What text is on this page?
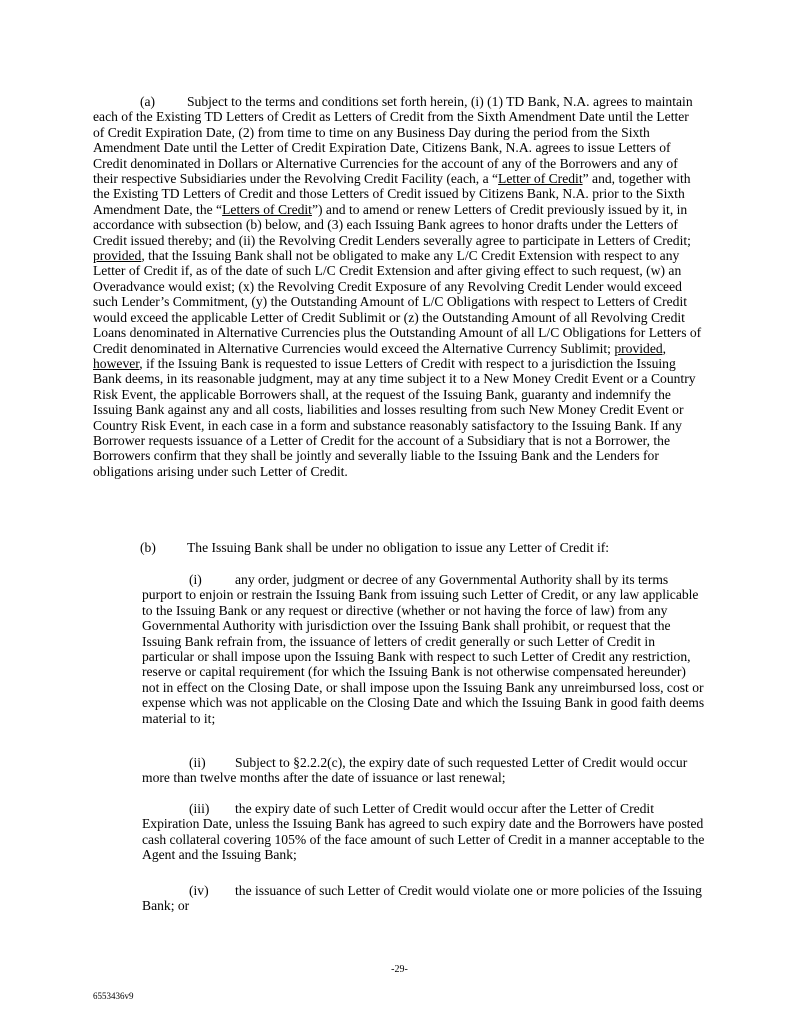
(a) Subject to the terms and conditions set forth herein, (i) (1) TD Bank, N.A. agrees to maintain each of the Existing TD Letters of Credit as Letters of Credit from the Sixth Amendment Date until the Letter of Credit Expiration Date, (2) from time to time on any Business Day during the period from the Sixth Amendment Date until the Letter of Credit Expiration Date, Citizens Bank, N.A. agrees to issue Letters of Credit denominated in Dollars or Alternative Currencies for the account of any of the Borrowers and any of their respective Subsidiaries under the Revolving Credit Facility (each, a “Letter of Credit” and, together with the Existing TD Letters of Credit and those Letters of Credit issued by Citizens Bank, N.A. prior to the Sixth Amendment Date, the “Letters of Credit”) and to amend or renew Letters of Credit previously issued by it, in accordance with subsection (b) below, and (3) each Issuing Bank agrees to honor drafts under the Letters of Credit issued thereby; and (ii) the Revolving Credit Lenders severally agree to participate in Letters of Credit; provided, that the Issuing Bank shall not be obligated to make any L/C Credit Extension with respect to any Letter of Credit if, as of the date of such L/C Credit Extension and after giving effect to such request, (w) an Overadvance would exist; (x) the Revolving Credit Exposure of any Revolving Credit Lender would exceed such Lender’s Commitment, (y) the Outstanding Amount of L/C Obligations with respect to Letters of Credit would exceed the applicable Letter of Credit Sublimit or (z) the Outstanding Amount of all Revolving Credit Loans denominated in Alternative Currencies plus the Outstanding Amount of all L/C Obligations for Letters of Credit denominated in Alternative Currencies would exceed the Alternative Currency Sublimit; provided, however, if the Issuing Bank is requested to issue Letters of Credit with respect to a jurisdiction the Issuing Bank deems, in its reasonable judgment, may at any time subject it to a New Money Credit Event or a Country Risk Event, the applicable Borrowers shall, at the request of the Issuing Bank, guaranty and indemnify the Issuing Bank against any and all costs, liabilities and losses resulting from such New Money Credit Event or Country Risk Event, in each case in a form and substance reasonably satisfactory to the Issuing Bank. If any Borrower requests issuance of a Letter of Credit for the account of a Subsidiary that is not a Borrower, the Borrowers confirm that they shall be jointly and severally liable to the Issuing Bank and the Lenders for obligations arising under such Letter of Credit.

(b) The Issuing Bank shall be under no obligation to issue any Letter of Credit if:

(i) any order, judgment or decree of any Governmental Authority shall by its terms purport to enjoin or restrain the Issuing Bank from issuing such Letter of Credit, or any law applicable to the Issuing Bank or any request or directive (whether or not having the force of law) from any Governmental Authority with jurisdiction over the Issuing Bank shall prohibit, or request that the Issuing Bank refrain from, the issuance of letters of credit generally or such Letter of Credit in particular or shall impose upon the Issuing Bank with respect to such Letter of Credit any restriction, reserve or capital requirement (for which the Issuing Bank is not otherwise compensated hereunder) not in effect on the Closing Date, or shall impose upon the Issuing Bank any unreimbursed loss, cost or expense which was not applicable on the Closing Date and which the Issuing Bank in good faith deems material to it;

(ii) Subject to §2.2.2(c), the expiry date of such requested Letter of Credit would occur more than twelve months after the date of issuance or last renewal;

(iii) the expiry date of such Letter of Credit would occur after the Letter of Credit Expiration Date, unless the Issuing Bank has agreed to such expiry date and the Borrowers have posted cash collateral covering 105% of the face amount of such Letter of Credit in a manner acceptable to the Agent and the Issuing Bank;

(iv) the issuance of such Letter of Credit would violate one or more policies of the Issuing Bank; or

-29-
6553436v9
